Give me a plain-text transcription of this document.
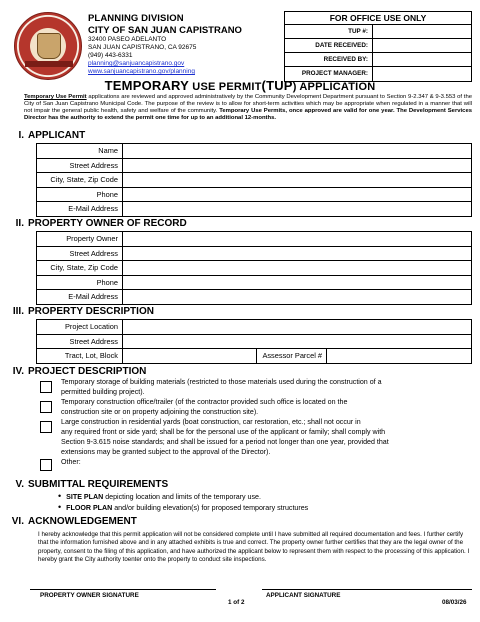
PLANNING DIVISION
CITY OF SAN JUAN CAPISTRANO
32400 PASEO ADELANTO
SAN JUAN CAPISTRANO, CA 92675
(949) 443-6331
planning@sanjuancapistrano.gov
www.sanjuancapistrano.gov/planning
FOR OFFICE USE ONLY
TUP #:
DATE RECEIVED:
RECEIVED BY:
PROJECT MANAGER:
TEMPORARY USE PERMIT(TUP) APPLICATION
Temporary Use Permit applications are reviewed and approved administratively by the Community Development Department pursuant to Section 9-2.347 & 9-3.553 of the City of San Juan Capistrano Municipal Code. The purpose of the review is to allow for short-term activities which may be appropriate when regulated in a manner that will not impair the general public health, safety and welfare of the community. Temporary Use Permits, once approved are valid for one year. The Development Services Director has the authority to extend the permit one time for up to an additional 12-months.
I. APPLICANT
Name	
Street Address	
City, State, Zip Code	
Phone	
E-Mail Address	
II. PROPERTY OWNER OF RECORD
Property Owner	
Street Address	
City, State, Zip Code	
Phone	
E-Mail Address	
III. PROPERTY DESCRIPTION
Project Location			
Street Address			
Tract, Lot, Block		Assessor Parcel #	
IV. PROJECT DESCRIPTION
Temporary storage of building materials (restricted to those materials used during the construction of a
permitted building project).
Temporary construction office/trailer (of the contractor provided such office is located on the
construction site or on property adjoining the construction site).
Large construction in residential yards (boat construction, car restoration, etc.; shall not occur in
any required front or side yard; shall be for the personal use of the applicant or family; shall comply with
Section 9-3.615 noise standards; and shall be issued for a period not longer than one year, provided that
extensions may be granted subject to the approval of the Director).
Other:
V. SUBMITTAL REQUIREMENTS
• SITE PLAN depicting location and limits of the temporary use.
• FLOOR PLAN and/or building elevation(s) for proposed temporary structures
VI. ACKNOWLEDGEMENT
I hereby acknowledge that this permit application will not be considered complete until I have submitted all required documentation and fees. I further certify that the information furnished above and in any attached exhibits is true and correct. The property owner further certifies that they are the legal owner of the property, consent to the filing of this application, and have authorized the applicant below to represent them with respect to the processing of this application. I hereby grant the City authority toenter onto the property to conduct site inspections.
PROPERTY OWNER SIGNATURE	APPLICANT SIGNATURE
1 of 2	08/03/26
